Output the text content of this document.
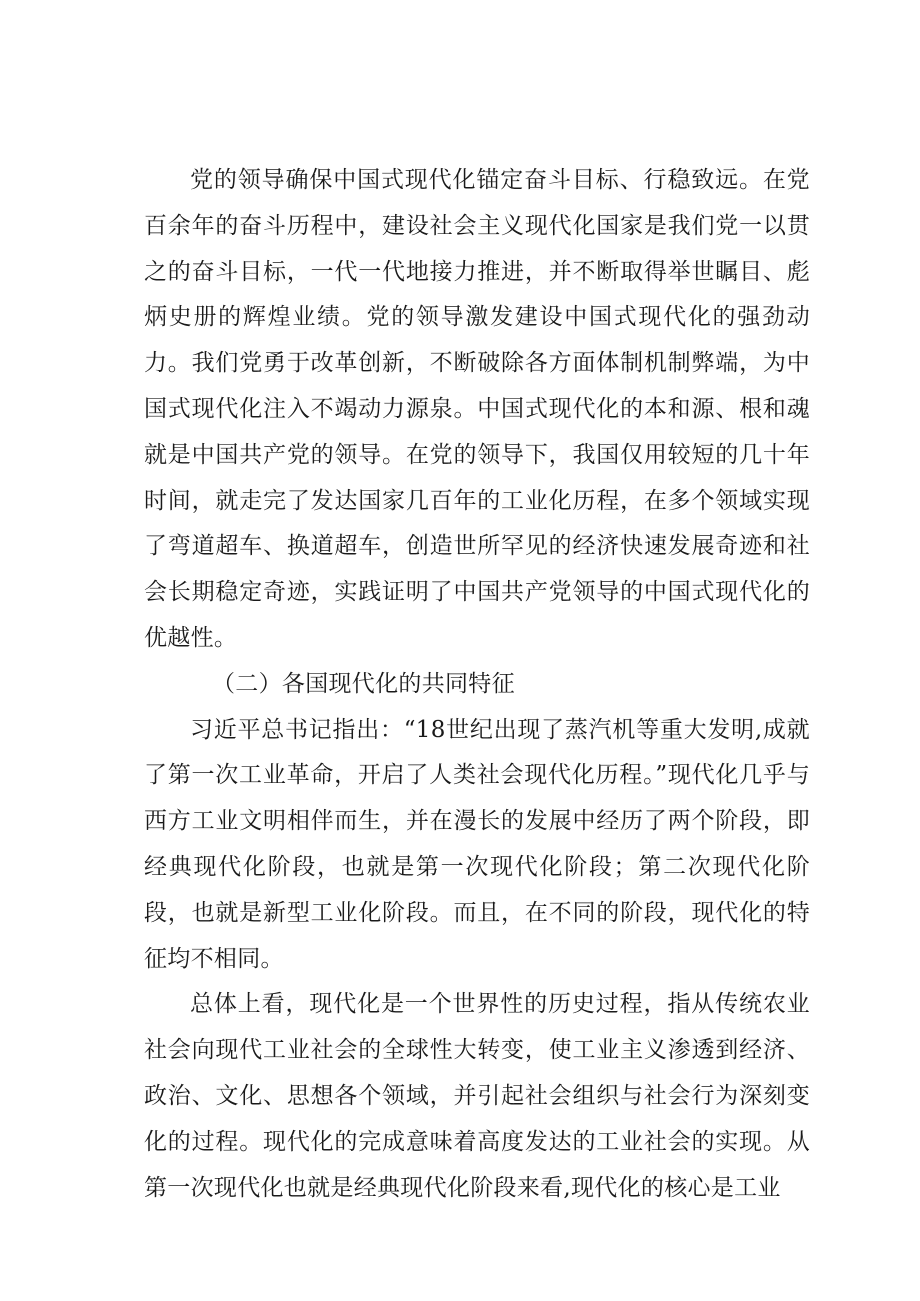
党的领导确保中国式现代化锚定奋斗目标、行稳致远。在党百余年的奋斗历程中，建设社会主义现代化国家是我们党一以贯之的奋斗目标，一代一代地接力推进，并不断取得举世瞩目、彪炳史册的辉煌业绩。党的领导激发建设中国式现代化的强劲动力。我们党勇于改革创新，不断破除各方面体制机制弊端，为中国式现代化注入不竭动力源泉。中国式现代化的本和源、根和魂就是中国共产党的领导。在党的领导下，我国仅用较短的几十年时间，就走完了发达国家几百年的工业化历程，在多个领域实现了弯道超车、换道超车，创造世所罕见的经济快速发展奇迹和社会长期稳定奇迹，实践证明了中国共产党领导的中国式现代化的优越性。

（二）各国现代化的共同特征

习近平总书记指出：“18世纪出现了蒸汽机等重大发明,成就了第一次工业革命，开启了人类社会现代化历程。”现代化几乎与西方工业文明相伴而生，并在漫长的发展中经历了两个阶段，即经典现代化阶段，也就是第一次现代化阶段；第二次现代化阶段，也就是新型工业化阶段。而且，在不同的阶段，现代化的特征均不相同。

总体上看，现代化是一个世界性的历史过程，指从传统农业社会向现代工业社会的全球性大转变，使工业主义渗透到经济、政治、文化、思想各个领域，并引起社会组织与社会行为深刻变化的过程。现代化的完成意味着高度发达的工业社会的实现。从第一次现代化也就是经典现代化阶段来看,现代化的核心是工业
